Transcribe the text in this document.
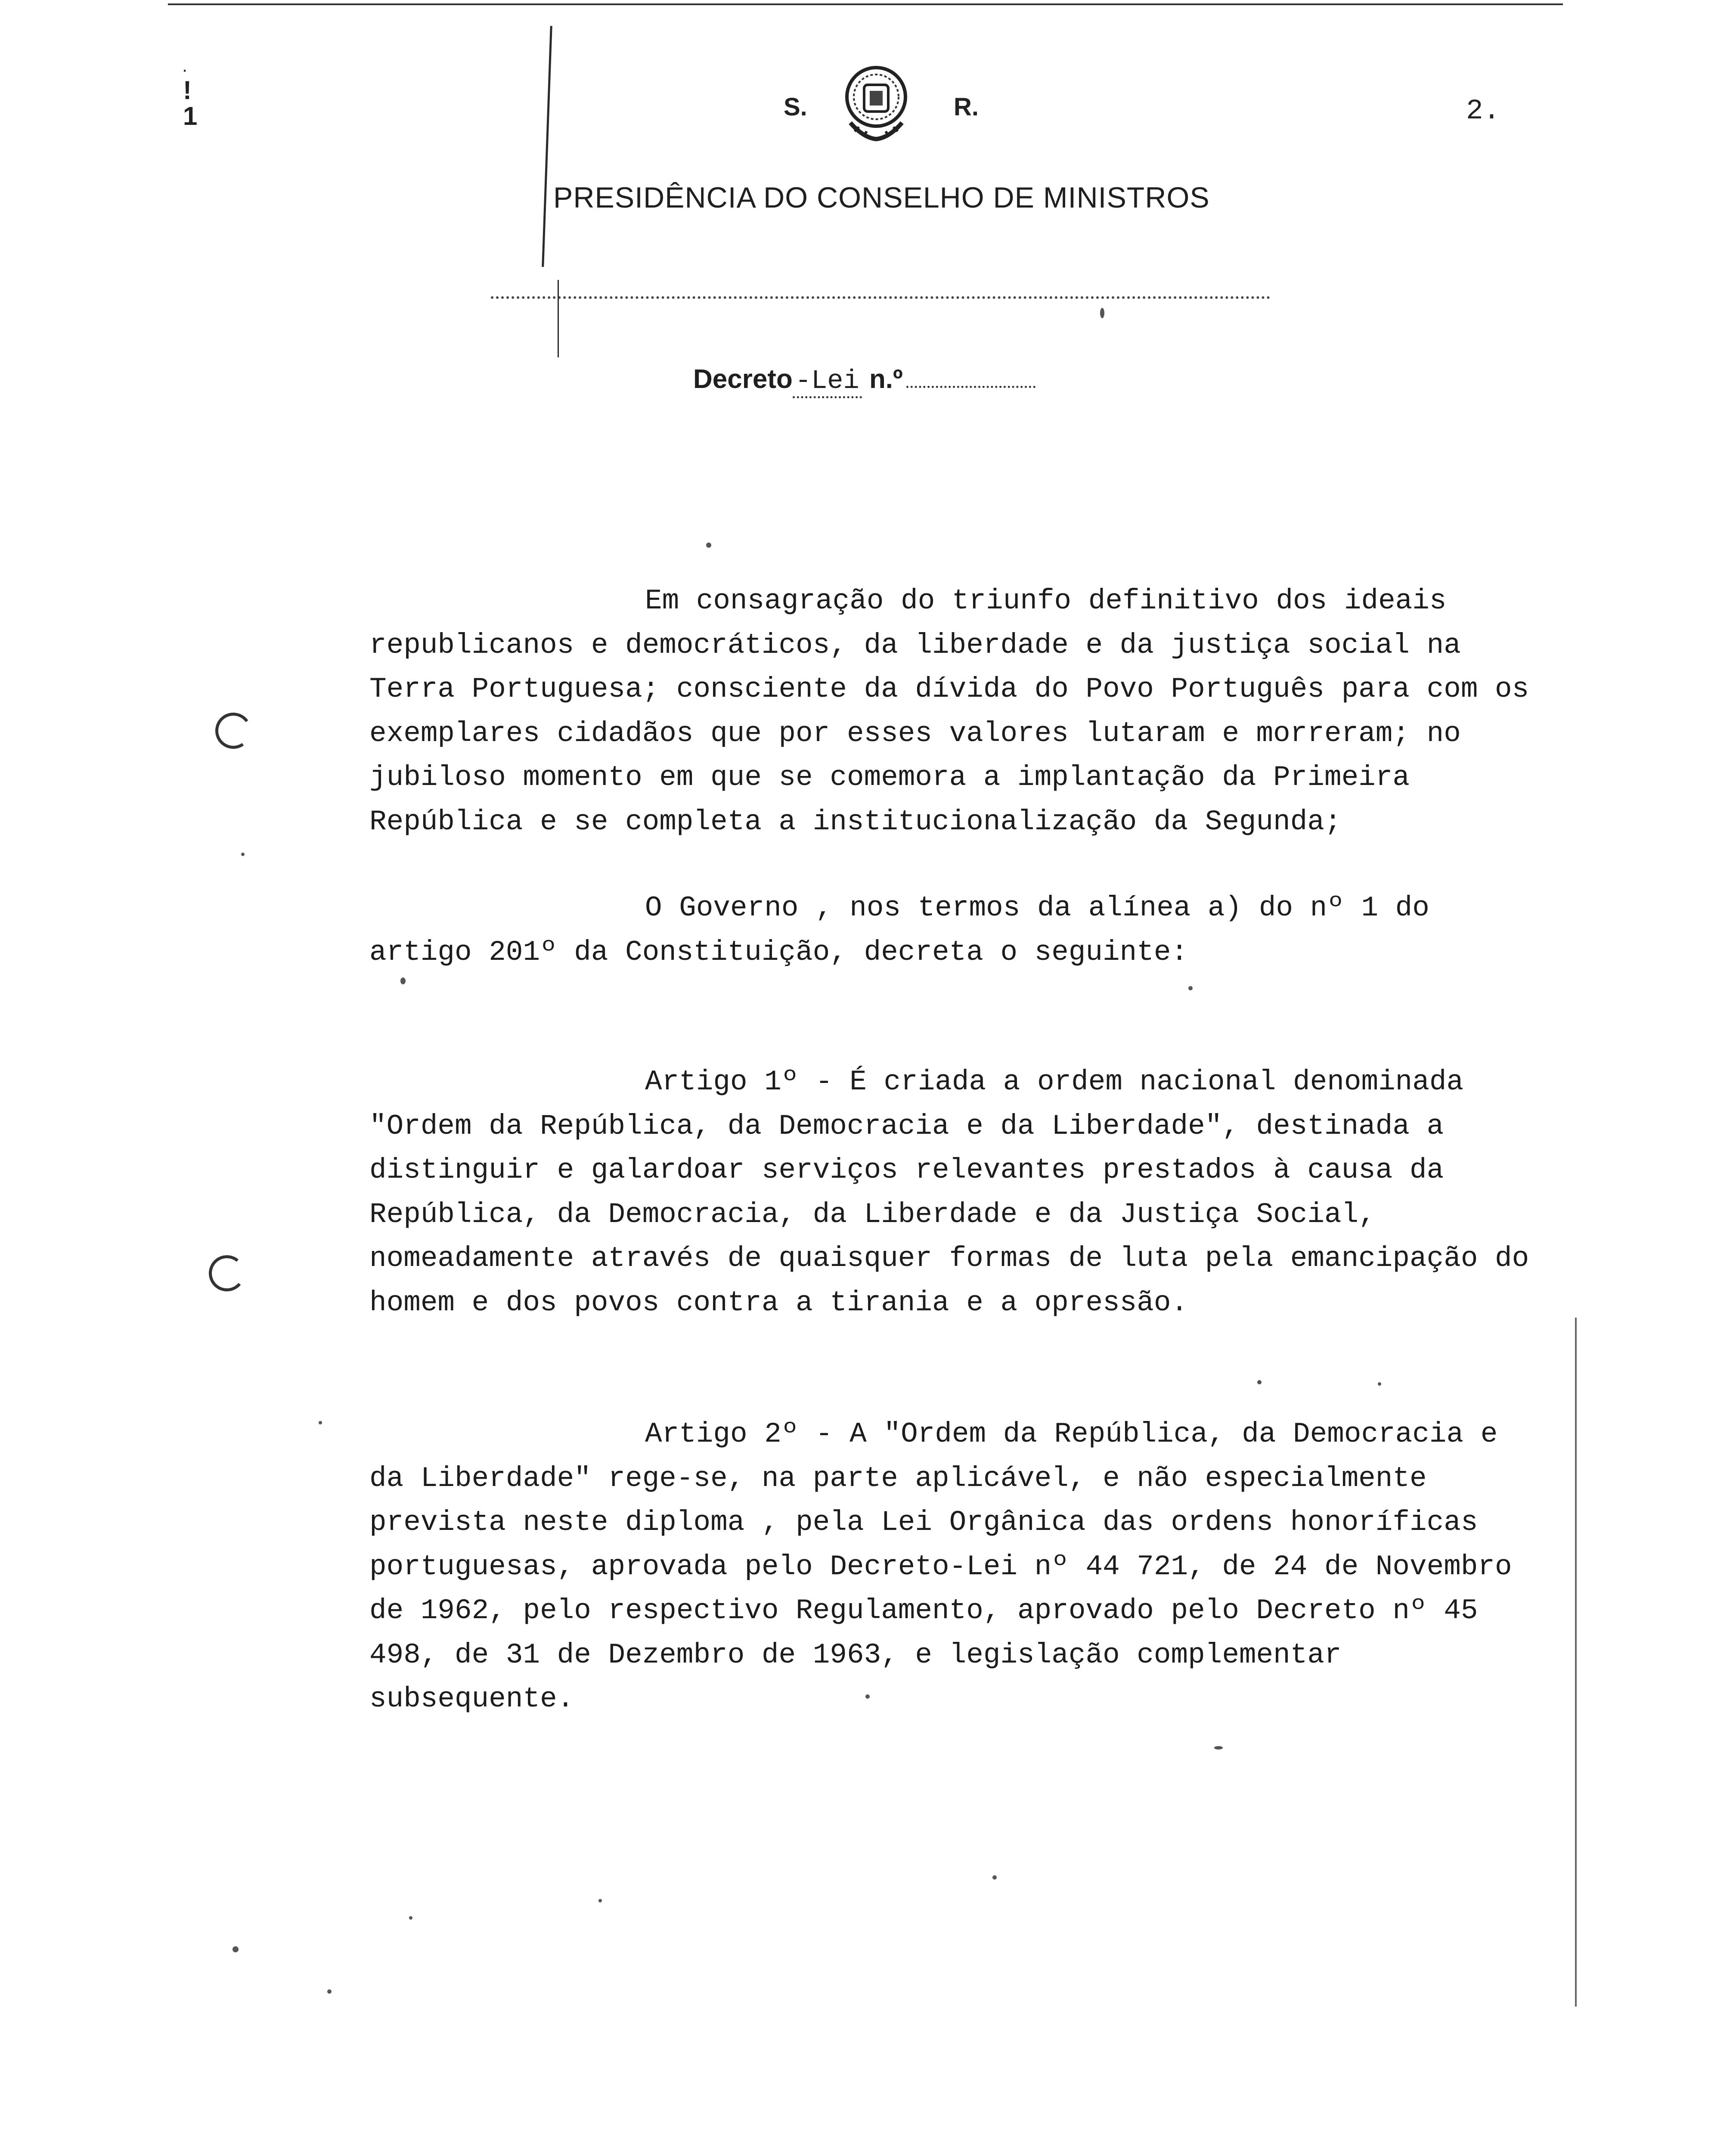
·
!
1	S.	R.	2.
PRESIDÊNCIA DO CONSELHO DE MINISTROS
Decreto-Lei n.º

Em consagração do triunfo definitivo dos ideais republicanos e democráticos, da liberdade e da justiça social na Terra Portuguesa; consciente da dívida do Povo Português para com os exemplares cidadãos que por esses valores lutaram e morreram; no jubiloso momento em que se comemora a implantação da Primeira República e se completa a institucionalização da Segunda;

O Governo , nos termos da alínea a) do nº 1 do artigo 201º da Constituição, decreta o seguinte:

Artigo 1º - É criada a ordem nacional denominada "Ordem da República, da Democracia e da Liberdade", destinada a distinguir e galardoar serviços relevantes prestados à causa da República, da Democracia, da Liberdade e da Justiça Social, nomeadamente através de quaisquer formas de luta pela emancipação do homem e dos povos contra a tirania e a opressão.

Artigo 2º - A "Ordem da República, da Democracia e da Liberdade" rege-se, na parte aplicável, e não especialmente prevista neste diploma , pela Lei Orgânica das ordens honoríficas portuguesas, aprovada pelo Decreto-Lei nº 44 721, de 24 de Novembro de 1962, pelo respectivo Regulamento, aprovado pelo Decreto nº 45 498, de 31 de Dezembro de 1963, e legislação complementar subsequente.
